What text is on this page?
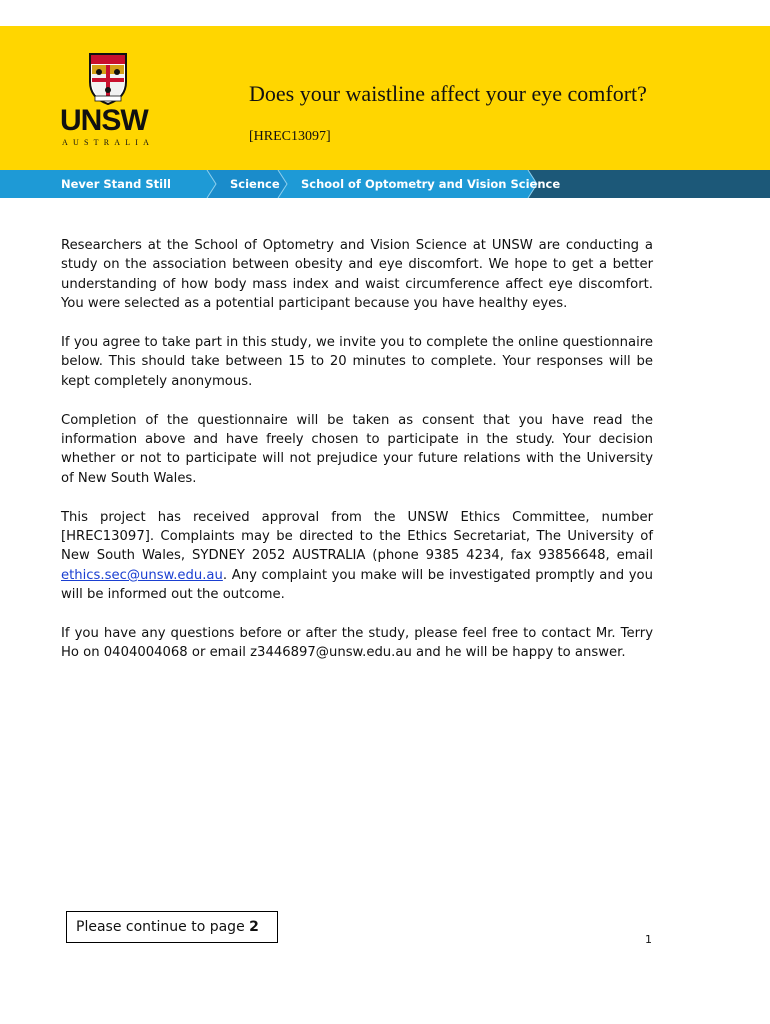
UNSW
AUSTRALIA
Does your waistline affect your eye comfort?
[HREC13097]
Never Stand Still	Science School of Optometry and Vision Science

Researchers at the School of Optometry and Vision Science at UNSW are conducting a study on the association between obesity and eye discomfort. We hope to get a better understanding of how body mass index and waist circumference affect eye discomfort. You were selected as a potential participant because you have healthy eyes.

If you agree to take part in this study, we invite you to complete the online questionnaire below. This should take between 15 to 20 minutes to complete. Your responses will be kept completely anonymous.

Completion of the questionnaire will be taken as consent that you have read the information above and have freely chosen to participate in the study. Your decision whether or not to participate will not prejudice your future relations with the University of New South Wales.

This project has received approval from the UNSW Ethics Committee, number [HREC13097]. Complaints may be directed to the Ethics Secretariat, The University of New South Wales, SYDNEY 2052 AUSTRALIA (phone 9385 4234, fax 93856648, email ethics.sec@unsw.edu.au. Any complaint you make will be investigated promptly and you will be informed out the outcome.

If you have any questions before or after the study, please feel free to contact Mr. Terry Ho on 0404004068 or email z3446897@unsw.edu.au and he will be happy to answer.

Please continue to page 2
1
